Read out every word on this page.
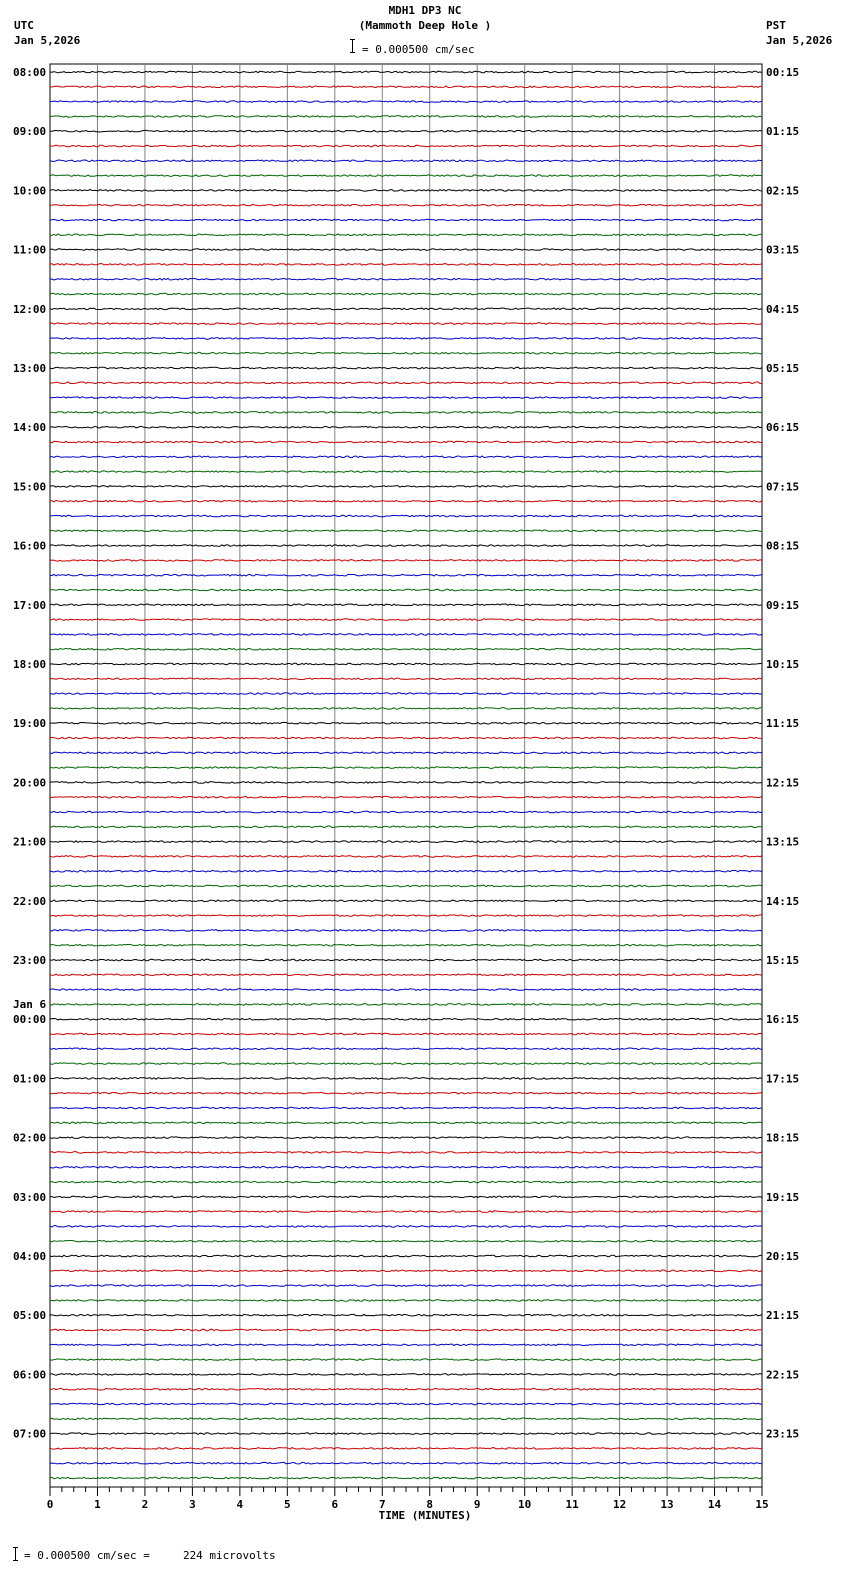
MDH1 DP3 NC
(Mammoth Deep Hole )
UTC
Jan 5,2026
PST
Jan 5,2026
= 0.000500 cm/sec
08:00
09:00
10:00
11:00
12:00
13:00
14:00
15:00
16:00
17:00
18:00
19:00
20:00
21:00
22:00
23:00
00:00
01:00
02:00
03:00
04:00
05:00
06:00
07:00
00:15
01:15
02:15
03:15
04:15
05:15
06:15
07:15
08:15
09:15
10:15
11:15
12:15
13:15
14:15
15:15
16:15
17:15
18:15
19:15
20:15
21:15
22:15
23:15
Jan 6
0	1	2	3	4	5	6	7	8	9	10	11	12	13	14	15
TIME (MINUTES)
= 0.000500 cm/sec =     224 microvolts
